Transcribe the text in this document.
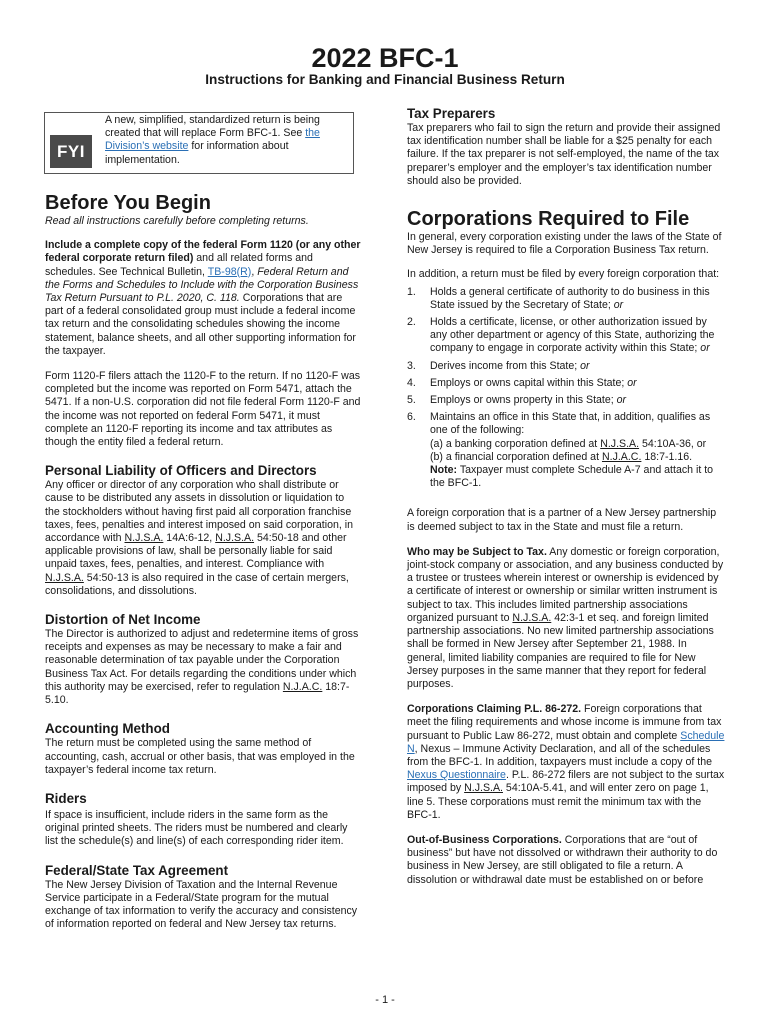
2022 BFC-1
Instructions for Banking and Financial Business Return
FYI
A new, simplified, standardized return is being created that will replace Form BFC-1. See the Division’s website for information about implementation.
Before You Begin

Read all instructions carefully before completing returns.

Include a complete copy of the federal Form 1120 (or any other federal corporate return filed) and all related forms and schedules. See Technical Bulletin, TB-98(R), Federal Return and the Forms and Schedules to Include with the Corporation Business Tax Return Pursuant to P.L. 2020, C. 118. Corporations that are part of a federal consolidated group must include a federal income tax return and the consolidating schedules showing the income statement, balance sheets, and all other supporting information for the taxpayer.

Form 1120-F filers attach the 1120-F to the return. If no 1120-F was completed but the income was reported on Form 5471, attach the 5471. If a non-U.S. corporation did not file federal Form 1120-F and the income was not reported on federal Form 5471, it must complete an 1120-F reporting its income and tax attributes as though the entity filed a federal return.

Personal Liability of Officers and Directors

Any officer or director of any corporation who shall distribute or cause to be distributed any assets in dissolution or liquidation to the stockholders without having first paid all corporation franchise taxes, fees, penalties and interest imposed on said corporation, in accordance with N.J.S.A. 14A:6-12, N.J.S.A. 54:50-18 and other applicable provisions of law, shall be personally liable for said unpaid taxes, fees, penalties, and interest. Compliance with N.J.S.A. 54:50-13 is also required in the case of certain mergers, consolidations, and dissolutions.

Distortion of Net Income

The Director is authorized to adjust and redetermine items of gross receipts and expenses as may be necessary to make a fair and reasonable determination of tax payable under the Corporation Business Tax Act. For details regarding the conditions under which this authority may be exercised, refer to regulation N.J.A.C. 18:7-5.10.

Accounting Method

The return must be completed using the same method of accounting, cash, accrual or other basis, that was employed in the taxpayer’s federal income tax return.

Riders

If space is insufficient, include riders in the same form as the original printed sheets. The riders must be numbered and clearly list the schedule(s) and line(s) of each corresponding rider item.

Federal/State Tax Agreement

The New Jersey Division of Taxation and the Internal Revenue Service participate in a Federal/State program for the mutual exchange of tax information to verify the accuracy and consistency of information reported on federal and New Jersey tax returns.

Tax Preparers

Tax preparers who fail to sign the return and provide their assigned tax identification number shall be liable for a $25 penalty for each failure. If the tax preparer is not self-employed, the name of the tax preparer’s employer and the employer’s tax identification number should also be provided.

Corporations Required to File

In general, every corporation existing under the laws of the State of New Jersey is required to file a Corporation Business Tax return.

In addition, a return must be filed by every foreign corporation that:

1. Holds a general certificate of authority to do business in this State issued by the Secretary of State; or
2. Holds a certificate, license, or other authorization issued by any other department or agency of this State, authorizing the company to engage in corporate activity within this State; or
3. Derives income from this State; or
4. Employs or owns capital within this State; or
5. Employs or owns property in this State; or
6. Maintains an office in this State that, in addition, qualifies as one of the following:
(a) a banking corporation defined at N.J.S.A. 54:10A-36, or
(b) a financial corporation defined at N.J.A.C. 18:7-1.16.
Note: Taxpayer must complete Schedule A-7 and attach it to the BFC-1.

A foreign corporation that is a partner of a New Jersey partnership is deemed subject to tax in the State and must file a return.

Who may be Subject to Tax. Any domestic or foreign corporation, joint-stock company or association, and any business conducted by a trustee or trustees wherein interest or ownership is evidenced by a certificate of interest or ownership or similar written instrument is subject to tax. This includes limited partnership associations organized pursuant to N.J.S.A. 42:3-1 et seq. and foreign limited partnership associations. No new limited partnership associations shall be formed in New Jersey after September 21, 1988. In general, limited liability companies are required to file for New Jersey purposes in the same manner that they report for federal purposes.

Corporations Claiming P.L. 86-272. Foreign corporations that meet the filing requirements and whose income is immune from tax pursuant to Public Law 86-272, must obtain and complete Schedule N, Nexus – Immune Activity Declaration, and all of the schedules from the BFC-1. In addition, taxpayers must include a copy of the Nexus Questionnaire. P.L. 86-272 filers are not subject to the surtax imposed by N.J.S.A. 54:10A-5.41, and will enter zero on page 1, line 5. These corporations must remit the minimum tax with the BFC-1.

Out-of-Business Corporations. Corporations that are “out of business” but have not dissolved or withdrawn their authority to do business in New Jersey, are still obligated to file a return. A dissolution or withdrawal date must be established on or before

- 1 -
